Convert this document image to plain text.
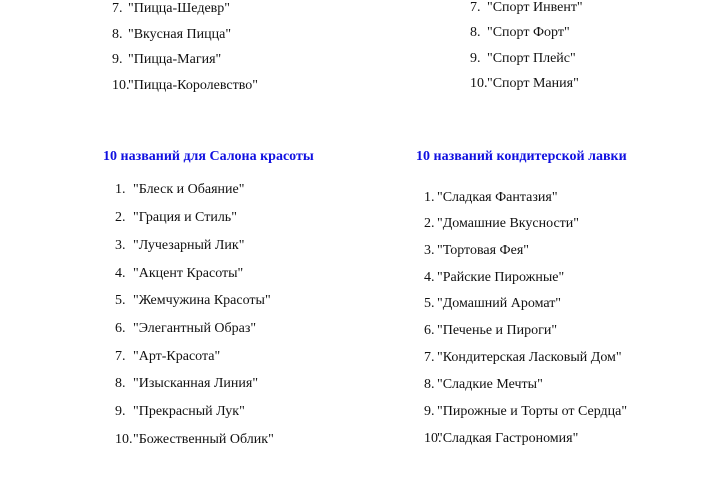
7. "Пицца-Шедевр"
8. "Вкусная Пицца"
9. "Пицца-Магия"
10."Пицца-Королевство"
7. "Спорт Инвент"
8. "Спорт Форт"
9. "Спорт Плейс"
10."Спорт Мания"
10 названий для Салона красоты
1. "Блеск и Обаяние"
2. "Грация и Стиль"
3. "Лучезарный Лик"
4. "Акцент Красоты"
5. "Жемчужина Красоты"
6. "Элегантный Образ"
7. "Арт-Красота"
8. "Изысканная Линия"
9. "Прекрасный Лук"
10."Божественный Облик"
10 названий кондитерской лавки
1. "Сладкая Фантазия"
2. "Домашние Вкусности"
3. "Тортовая Фея"
4. "Райские Пирожные"
5. "Домашний Аромат"
6. "Печенье и Пироги"
7. "Кондитерская Ласковый Дом"
8. "Сладкие Мечты"
9. "Пирожные и Торты от Сердца"
10."Сладкая Гастрономия"
